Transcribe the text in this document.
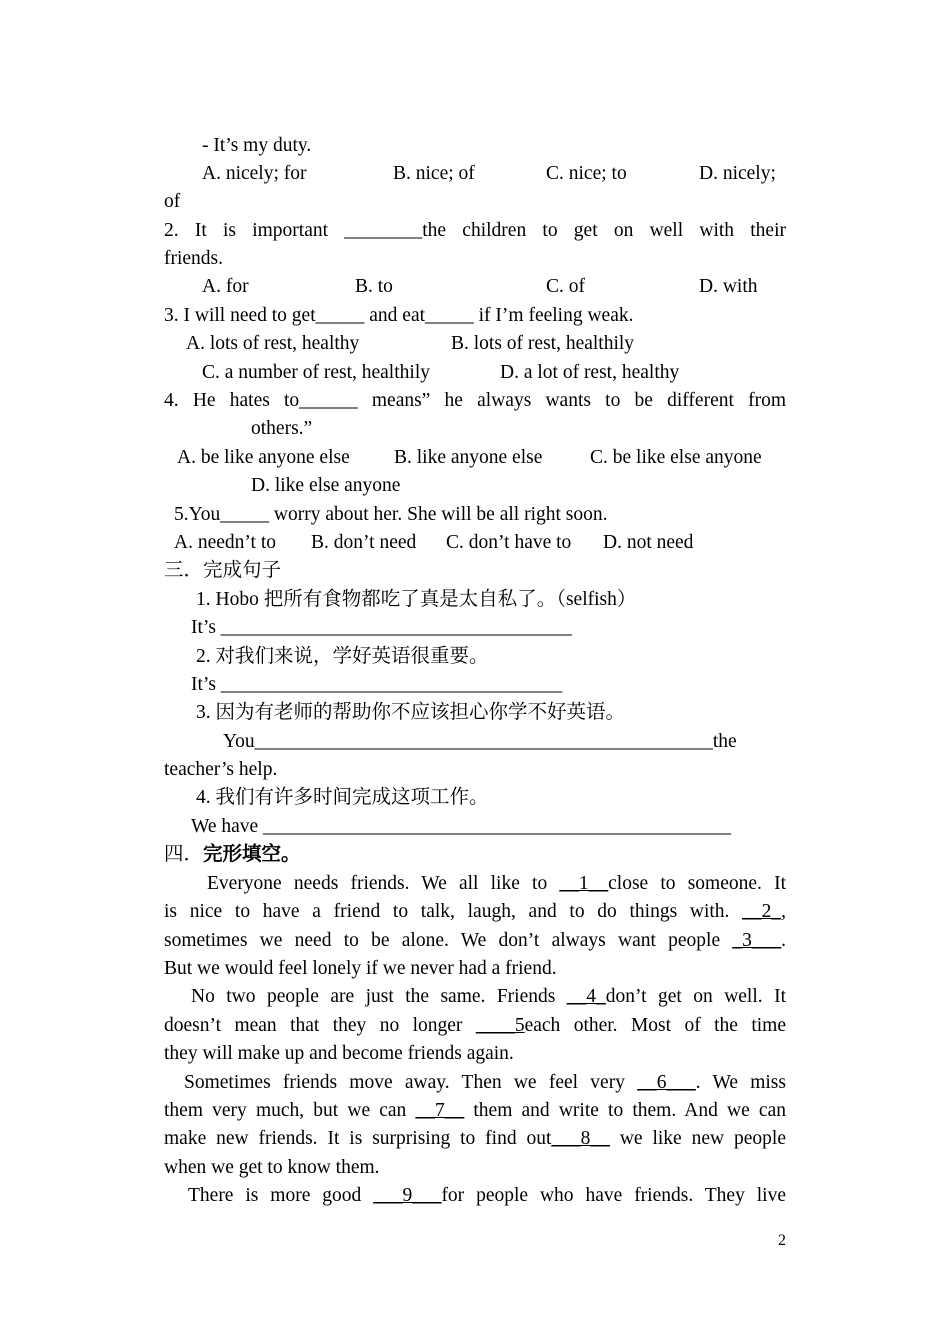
- It’s my duty.
A. nicely; for	B. nice; of	C. nice; to	D. nicely;
of
2. It is important ________the children to get on well with their
friends.
A. for	B. to	C. of	D. with
3. I will need to get_____ and eat_____ if I’m feeling weak.
A. lots of rest, healthy	B. lots of rest, healthily
C. a number of rest, healthily	D. a lot of rest, healthy
4. He hates to______ means” he always wants to be different from
others.”
A. be like anyone else B. like anyone else C. be like else anyone
D. like else anyone
5.You_____ worry about her. She will be all right soon.
A. needn’t to B. don’t need C. don’t have to D. not need
三．完成句子
1. Hobo 把所有食物都吃了真是太自私了。（selfish）
It’s ____________________________________
2. 对我们来说，学好英语很重要。
It’s ___________________________________
3. 因为有老师的帮助你不应该担心你学不好英语。
You_______________________________________________the
teacher’s help.
4. 我们有许多时间完成这项工作。
We have ________________________________________________
四．完形填空。
Everyone needs friends. We all like to __1__close to someone. It
is nice to have a friend to talk, laugh, and to do things with. __2_,
sometimes we need to be alone. We don’t always want people _3___.
But we would feel lonely if we never had a friend.
No two people are just the same. Friends __4_don’t get on well. It
doesn’t mean that they no longer ____5each other. Most of the time
they will make up and become friends again.
Sometimes friends move away. Then we feel very __6___. We miss
them very much, but we can __7__ them and write to them. And we can
make new friends. It is surprising to find out___8__ we like new people
when we get to know them.
There is more good ___9___for people who have friends. They live
2
